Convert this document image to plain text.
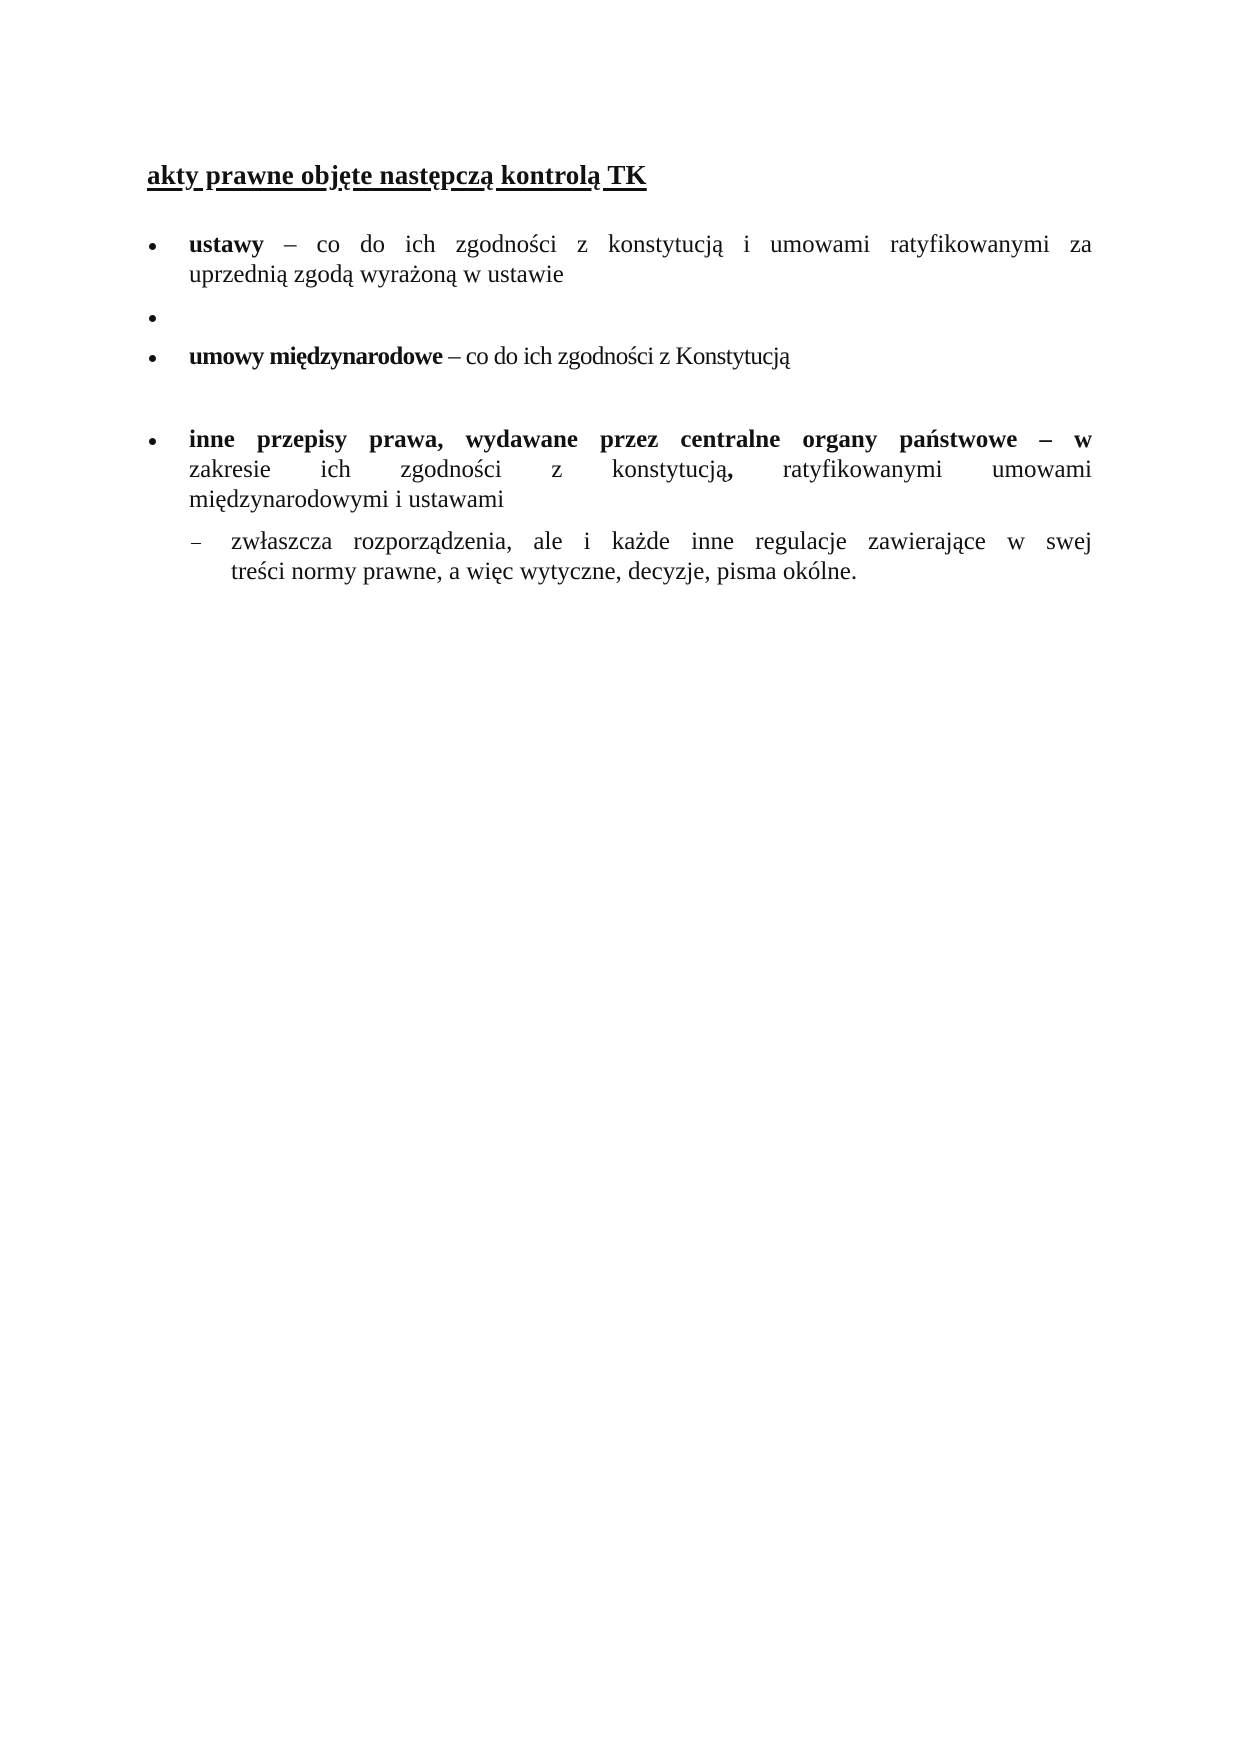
akty prawne objęte następczą kontrolą TK
ustawy – co do ich zgodności z konstytucją i umowami ratyfikowanymi za
uprzednią zgodą wyrażoną w ustawie
umowy międzynarodowe – co do ich zgodności z Konstytucją
inne przepisy prawa, wydawane przez centralne organy państwowe – w
zakresie ich zgodności z konstytucją, ratyfikowanymi umowami
międzynarodowymi i ustawami
zwłaszcza rozporządzenia, ale i każde inne regulacje zawierające w swej
treści normy prawne, a więc wytyczne, decyzje, pisma okólne.
